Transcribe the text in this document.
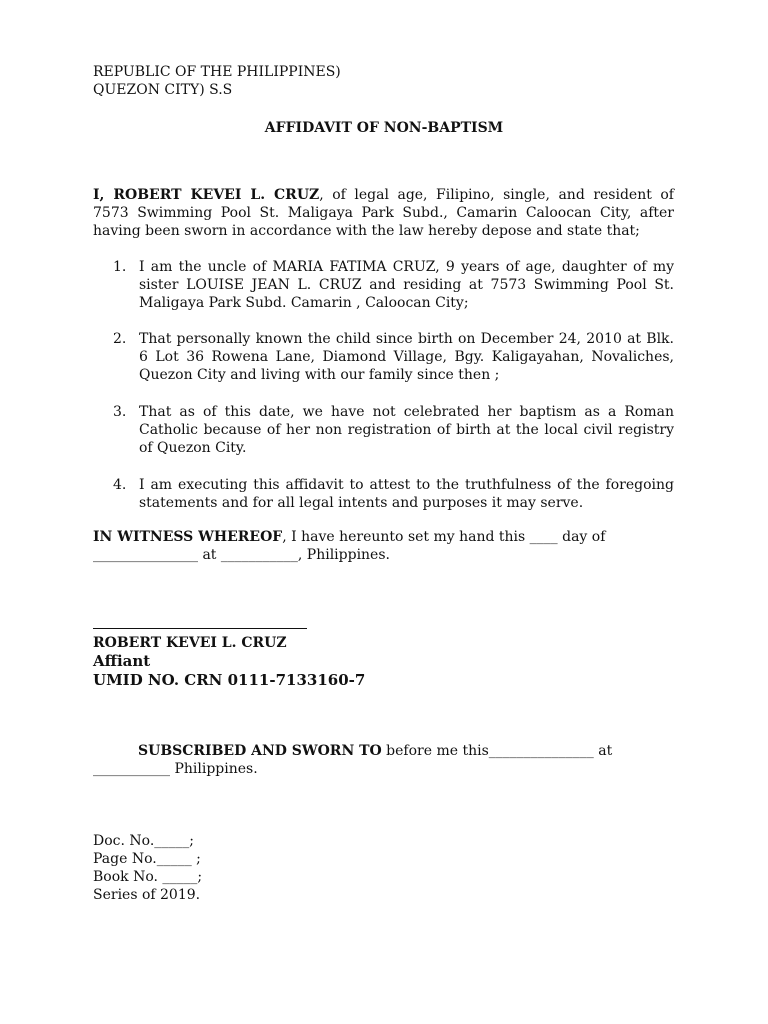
REPUBLIC OF THE PHILIPPINES)
QUEZON CITY) S.S
AFFIDAVIT OF NON-BAPTISM
I, ROBERT KEVEI L. CRUZ, of legal age, Filipino, single, and resident of
7573 Swimming Pool St. Maligaya Park Subd., Camarin Caloocan City, after
having been sworn in accordance with the law hereby depose and state that;
1. I am the uncle of MARIA FATIMA CRUZ, 9 years of age, daughter of my
sister LOUISE JEAN L. CRUZ and residing at 7573 Swimming Pool St.
Maligaya Park Subd. Camarin , Caloocan City;
2. That personally known the child since birth on December 24, 2010 at Blk.
6 Lot 36 Rowena Lane, Diamond Village, Bgy. Kaligayahan, Novaliches,
Quezon City and living with our family since then ;
3. That as of this date, we have not celebrated her baptism as a Roman
Catholic because of her non registration of birth at the local civil registry
of Quezon City.
4. I am executing this affidavit to attest to the truthfulness of the foregoing
statements and for all legal intents and purposes it may serve.
IN WITNESS WHEREOF, I have hereunto set my hand this ____ day of
_______________ at ___________, Philippines.
ROBERT KEVEI L. CRUZ
Affiant
UMID NO. CRN 0111-7133160-7
SUBSCRIBED AND SWORN TO before me this_______________ at
___________ Philippines.
Doc. No._____;
Page No._____ ;
Book No. _____;
Series of 2019.
